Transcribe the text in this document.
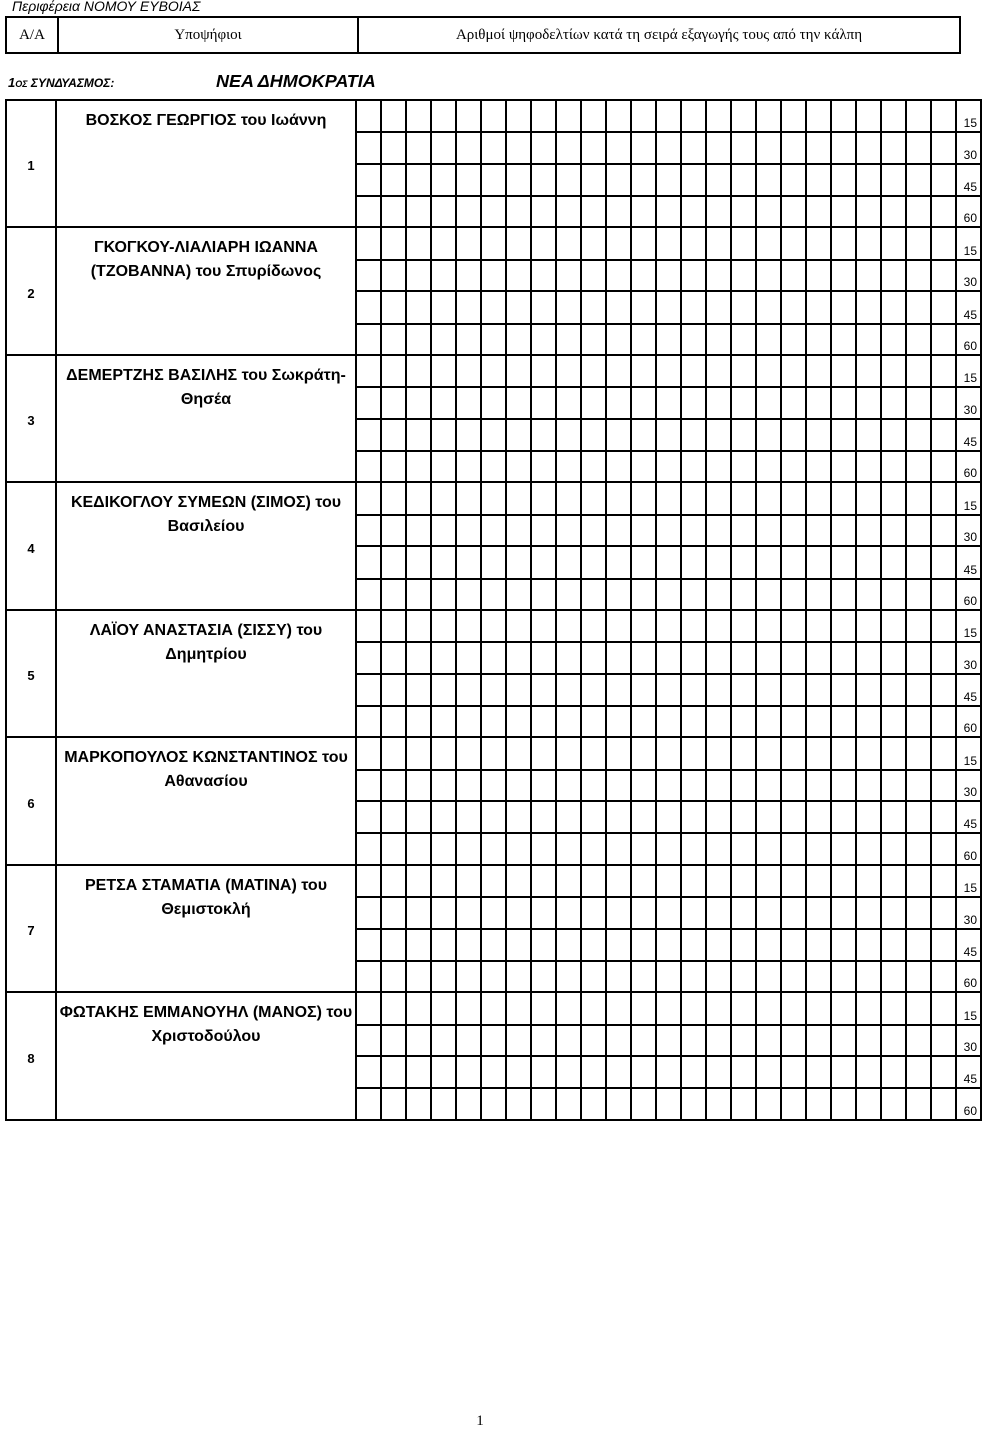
Περιφέρεια ΝΟΜΟΥ ΕΥΒΟΙΑΣ
Α/Α	Υποψήφιοι	Αριθμοί ψηφοδελτίων κατά τη σειρά εξαγωγής τους από την κάλπη
1ΟΣ ΣΥΝΔΥΑΣΜΟΣ:	ΝΕΑ ΔΗΜΟΚΡΑΤΙΑ
1	ΒΟΣΚΟΣ ΓΕΩΡΓΙΟΣ του Ιωάννη																									15
																										30
																										45
																										60
2	ΓΚΟΓΚΟΥ-ΛΙΑΛΙΑΡΗ ΙΩΑΝΝΑ (ΤΖΟΒΑΝΝΑ) του Σπυρίδωνος																									15
																										30
																										45
																										60
3	ΔΕΜΕΡΤΖΗΣ ΒΑΣΙΛΗΣ του Σωκράτη-Θησέα																									15
																										30
																										45
																										60
4	ΚΕΔΙΚΟΓΛΟΥ ΣΥΜΕΩΝ (ΣΙΜΟΣ) του Βασιλείου																									15
																										30
																										45
																										60
5	ΛΑΪΟΥ ΑΝΑΣΤΑΣΙΑ (ΣΙΣΣΥ) του Δημητρίου																									15
																										30
																										45
																										60
6	ΜΑΡΚΟΠΟΥΛΟΣ ΚΩΝΣΤΑΝΤΙΝΟΣ του Αθανασίου																									15
																										30
																										45
																										60
7	ΡΕΤΣΑ ΣΤΑΜΑΤΙΑ (ΜΑΤΙΝΑ) του Θεμιστοκλή																									15
																										30
																										45
																										60
8	ΦΩΤΑΚΗΣ ΕΜΜΑΝΟΥΗΛ (ΜΑΝΟΣ) του Χριστοδούλου																									15
																										30
																										45
																										60
1
